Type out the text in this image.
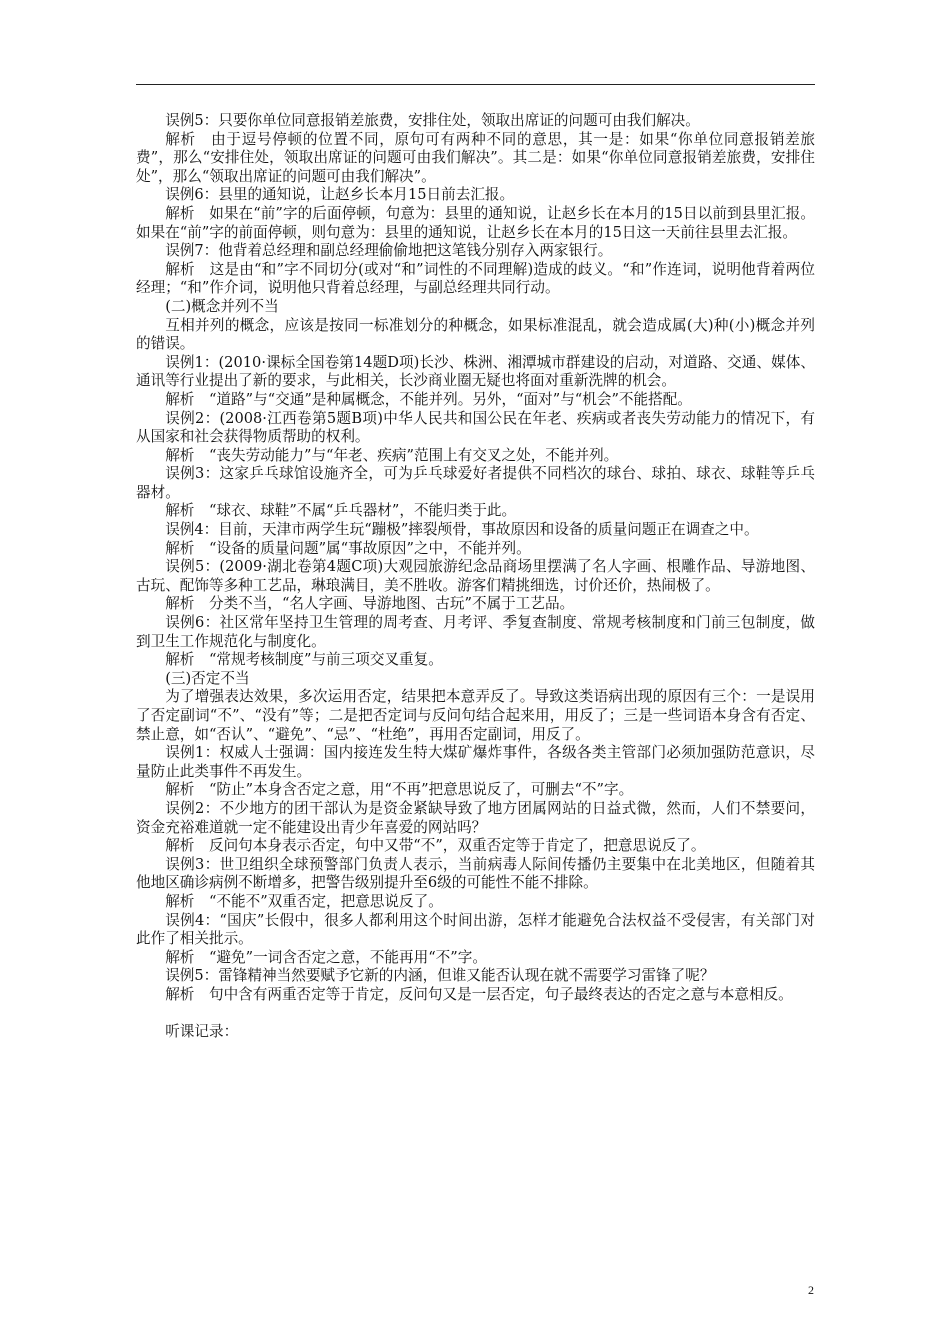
误例5：只要你单位同意报销差旅费，安排住处，领取出席证的问题可由我们解决。

解析　由于逗号停顿的位置不同，原句可有两种不同的意思，其一是：如果“你单位同意报销差旅费”，那么“安排住处，领取出席证的问题可由我们解决”。其二是：如果“你单位同意报销差旅费，安排住处”，那么“领取出席证的问题可由我们解决”。

误例6：县里的通知说，让赵乡长本月15日前去汇报。

解析　如果在“前”字的后面停顿，句意为：县里的通知说，让赵乡长在本月的15日以前到县里汇报。如果在“前”字的前面停顿，则句意为：县里的通知说，让赵乡长在本月的15日这一天前往县里去汇报。

误例7：他背着总经理和副总经理偷偷地把这笔钱分别存入两家银行。

解析　这是由“和”字不同切分(或对“和”词性的不同理解)造成的歧义。“和”作连词，说明他背着两位经理；“和”作介词，说明他只背着总经理，与副总经理共同行动。

(二)概念并列不当

互相并列的概念，应该是按同一标准划分的种概念，如果标准混乱，就会造成属(大)种(小)概念并列的错误。

误例1：(2010·课标全国卷第14题D项)长沙、株洲、湘潭城市群建设的启动，对道路、交通、媒体、通讯等行业提出了新的要求，与此相关，长沙商业圈无疑也将面对重新洗牌的机会。

解析　“道路”与“交通”是种属概念，不能并列。另外，“面对”与“机会”不能搭配。

误例2：(2008·江西卷第5题B项)中华人民共和国公民在年老、疾病或者丧失劳动能力的情况下，有从国家和社会获得物质帮助的权利。

解析　“丧失劳动能力”与“年老、疾病”范围上有交叉之处，不能并列。

误例3：这家乒乓球馆设施齐全，可为乒乓球爱好者提供不同档次的球台、球拍、球衣、球鞋等乒乓器材。

解析　“球衣、球鞋”不属“乒乓器材”，不能归类于此。

误例4：目前，天津市两学生玩“蹦极”摔裂颅骨，事故原因和设备的质量问题正在调查之中。

解析　“设备的质量问题”属“事故原因”之中，不能并列。

误例5：(2009·湖北卷第4题C项)大观园旅游纪念品商场里摆满了名人字画、根雕作品、导游地图、古玩、配饰等多种工艺品，琳琅满目，美不胜收。游客们精挑细选，讨价还价，热闹极了。

解析　分类不当，“名人字画、导游地图、古玩”不属于工艺品。

误例6：社区常年坚持卫生管理的周考查、月考评、季复查制度、常规考核制度和门前三包制度，做到卫生工作规范化与制度化。

解析　“常规考核制度”与前三项交叉重复。

(三)否定不当

为了增强表达效果，多次运用否定，结果把本意弄反了。导致这类语病出现的原因有三个：一是误用了否定副词“不”、“没有”等；二是把否定词与反问句结合起来用，用反了；三是一些词语本身含有否定、禁止意，如“否认”、“避免”、“忌”、“杜绝”，再用否定副词，用反了。

误例1：权威人士强调：国内接连发生特大煤矿爆炸事件，各级各类主管部门必须加强防范意识，尽量防止此类事件不再发生。

解析　“防止”本身含否定之意，用“不再”把意思说反了，可删去“不”字。

误例2：不少地方的团干部认为是资金紧缺导致了地方团属网站的日益式微，然而，人们不禁要问，资金充裕难道就一定不能建设出青少年喜爱的网站吗？

解析　反问句本身表示否定，句中又带“不”，双重否定等于肯定了，把意思说反了。

误例3：世卫组织全球预警部门负责人表示，当前病毒人际间传播仍主要集中在北美地区，但随着其他地区确诊病例不断增多，把警告级别提升至6级的可能性不能不排除。

解析　“不能不”双重否定，把意思说反了。

误例4：“国庆”长假中，很多人都利用这个时间出游，怎样才能避免合法权益不受侵害，有关部门对此作了相关批示。

解析　“避免”一词含否定之意，不能再用“不”字。

误例5：雷锋精神当然要赋予它新的内涵，但谁又能否认现在就不需要学习雷锋了呢？

解析　句中含有两重否定等于肯定，反问句又是一层否定，句子最终表达的否定之意与本意相反。

听课记录：

2
